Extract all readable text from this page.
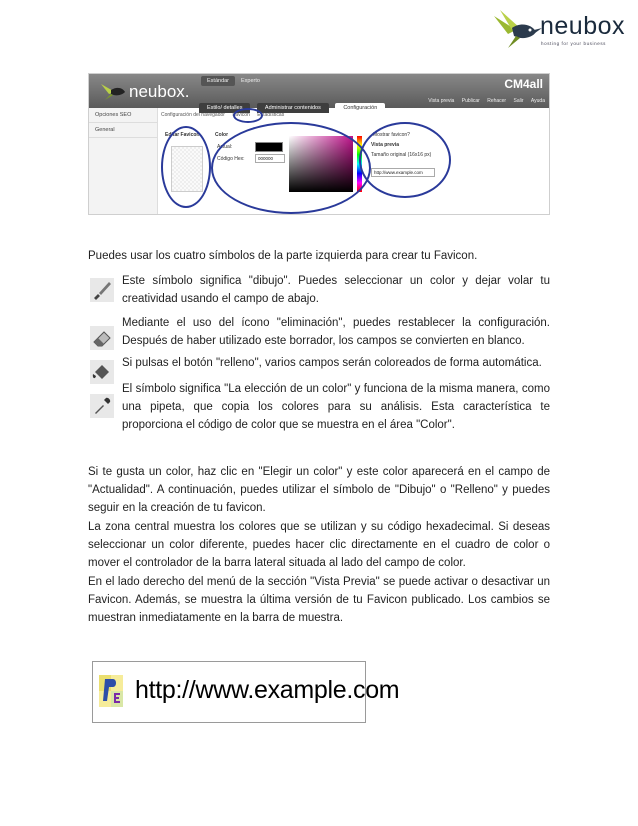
neubox
hosting for your business
neubox.	CM4all
Estándar	Experto
Estilo/ detalles	Administrar contenidos	Configuración
Vista previa Publicar Rehacer Salir Ayuda
Opciones SEO
General
Configuración del navegador Favicon Estadísticas
Editar Favicon	Color
Actual:
Código Hex:	000000
Mostrar favicon?
Vista previa
Tamaño original (16x16 px)
http://www.example.com
Puedes usar los cuatro símbolos de la parte izquierda para crear tu Favicon.
Este símbolo significa "dibujo". Puedes seleccionar un color y dejar volar tu creatividad usando el campo de abajo.
Mediante el uso del ícono "eliminación", puedes restablecer la configuración. Después de haber utilizado este borrador, los campos se convierten en blanco.
Si pulsas el botón "relleno", varios campos serán coloreados de forma automática.
El símbolo significa "La elección de un color" y funciona de la misma manera, como una pipeta, que copia los colores para su análisis. Esta característica te proporciona el código de color que se muestra en el área "Color".
Si te gusta un color, haz clic en "Elegir un color" y este color aparecerá en el campo de "Actualidad". A continuación, puedes utilizar el símbolo de "Dibujo" o "Relleno" y puedes seguir en la creación de tu favicon.
La zona central muestra los colores que se utilizan y su código hexadecimal. Si deseas seleccionar un color diferente, puedes hacer clic directamente en el cuadro de color o mover el controlador de la barra lateral situada al lado del campo de color.
En el lado derecho del menú de la sección "Vista Previa" se puede activar o desactivar un Favicon. Además, se muestra la última versión de tu Favicon publicado. Los cambios se muestran inmediatamente en la barra de muestra.
http://www.example.com
